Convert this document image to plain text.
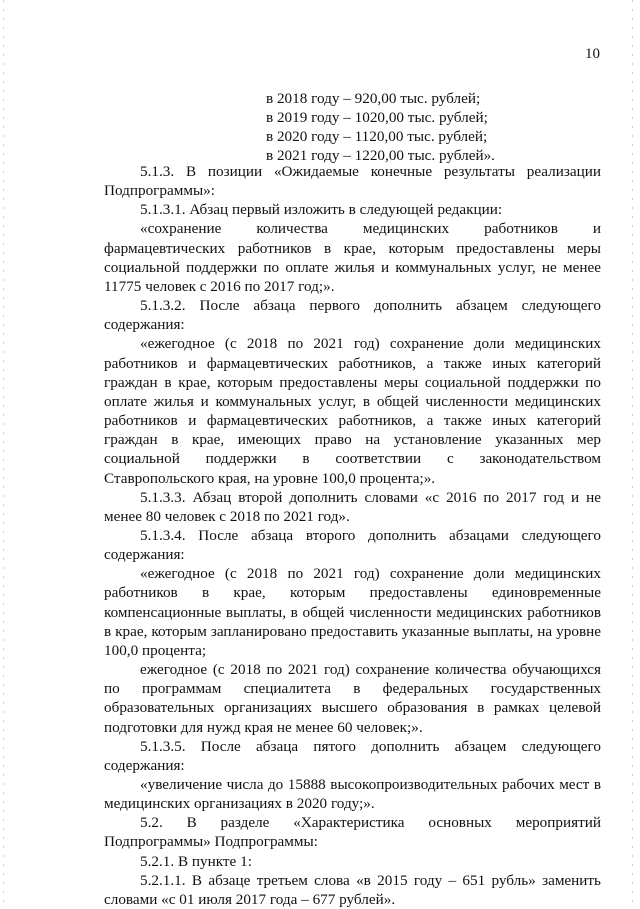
10
в 2018 году – 920,00 тыс. рублей;
в 2019 году – 1020,00 тыс. рублей;
в 2020 году – 1120,00 тыс. рублей;
в 2021 году – 1220,00 тыс. рублей».

5.1.3. В позиции «Ожидаемые конечные результаты реализации Подпрограммы»:

5.1.3.1. Абзац первый изложить в следующей редакции:

«сохранение количества медицинских работников и фармацевтических работников в крае, которым предоставлены меры социальной поддержки по оплате жилья и коммунальных услуг, не менее 11775 человек с 2016 по 2017 год;».

5.1.3.2. После абзаца первого дополнить абзацем следующего содержания:

«ежегодное (с 2018 по 2021 год) сохранение доли медицинских работников и фармацевтических работников, а также иных категорий граждан в крае, которым предоставлены меры социальной поддержки по оплате жилья и коммунальных услуг, в общей численности медицинских работников и фармацевтических работников, а также иных категорий граждан в крае, имеющих право на установление указанных мер социальной поддержки в соответствии с законодательством Ставропольского края, на уровне 100,0 процента;».

5.1.3.3. Абзац второй дополнить словами «с 2016 по 2017 год и не менее 80 человек с 2018 по 2021 год».

5.1.3.4. После абзаца второго дополнить абзацами следующего содержания:

«ежегодное (с 2018 по 2021 год) сохранение доли медицинских работников в крае, которым предоставлены единовременные компенсационные выплаты, в общей численности медицинских работников в крае, которым запланировано предоставить указанные выплаты, на уровне 100,0 процента;

ежегодное (с 2018 по 2021 год) сохранение количества обучающихся по программам специалитета в федеральных государственных образовательных организациях высшего образования в рамках целевой подготовки для нужд края не менее 60 человек;».

5.1.3.5. После абзаца пятого дополнить абзацем следующего содержания:

«увеличение числа до 15888 высокопроизводительных рабочих мест в медицинских организациях в 2020 году;».

5.2. В разделе «Характеристика основных мероприятий Подпрограммы» Подпрограммы:

5.2.1. В пункте 1:

5.2.1.1. В абзаце третьем слова «в 2015 году – 651 рубль» заменить словами «с 01 июля 2017 года – 677 рублей».
